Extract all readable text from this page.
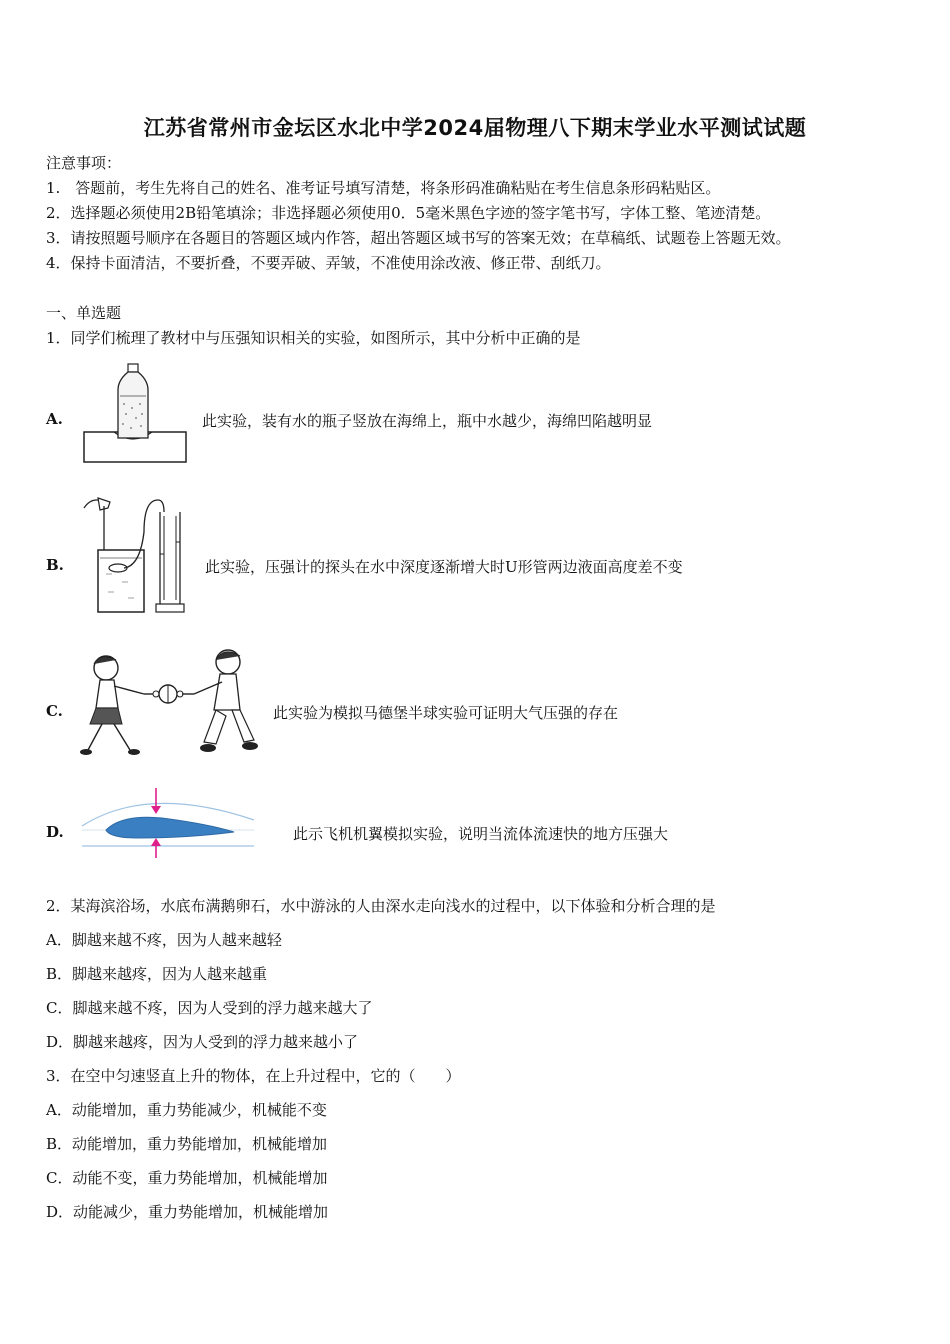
江苏省常州市金坛区水北中学2024届物理八下期末学业水平测试试题
注意事项：
1.　答题前，考生先将自己的姓名、准考证号填写清楚，将条形码准确粘贴在考生信息条形码粘贴区。
2．选择题必须使用2B铅笔填涂；非选择题必须使用0．5毫米黑色字迹的签字笔书写，字体工整、笔迹清楚。
3．请按照题号顺序在各题目的答题区域内作答，超出答题区域书写的答案无效；在草稿纸、试题卷上答题无效。
4．保持卡面清洁，不要折叠，不要弄破、弄皱，不准使用涂改液、修正带、刮纸刀。
一、单选题
1．同学们梳理了教材中与压强知识相关的实验，如图所示，其中分析中正确的是
A.	此实验，装有水的瓶子竖放在海绵上，瓶中水越少，海绵凹陷越明显
B.	此实验，压强计的探头在水中深度逐渐增大时U形管两边液面高度差不变
C.	此实验为模拟马德堡半球实验可证明大气压强的存在
D.	此示飞机机翼模拟实验，说明当流体流速快的地方压强大
2．某海滨浴场，水底布满鹅卵石，水中游泳的人由深水走向浅水的过程中，以下体验和分析合理的是
A．脚越来越不疼，因为人越来越轻
B．脚越来越疼，因为人越来越重
C．脚越来越不疼，因为人受到的浮力越来越大了
D．脚越来越疼，因为人受到的浮力越来越小了
3．在空中匀速竖直上升的物体，在上升过程中，它的（　　）
A．动能增加，重力势能减少，机械能不变
B．动能增加，重力势能增加，机械能增加
C．动能不变，重力势能增加，机械能增加
D．动能减少，重力势能增加，机械能增加
